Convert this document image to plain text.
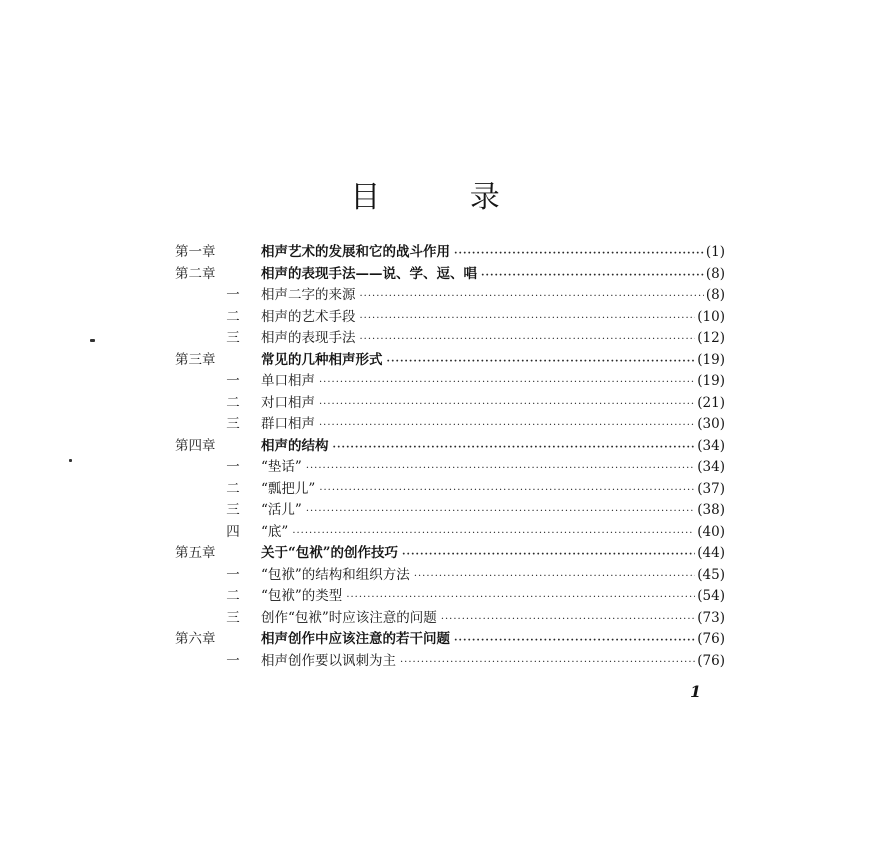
目 录
第一章	相声艺术的发展和它的战斗作用 ·····	(1)
第二章	相声的表现手法——说、学、逗、唱 ·····	(8)
一 相声二字的来源 ·····	(8)
二 相声的艺术手段 ·····	(10)
三 相声的表现手法 ·····	(12)
第三章	常见的几种相声形式 ·····	(19)
一 单口相声 ·····	(19)
二 对口相声 ·····	(21)
三 群口相声 ·····	(30)
第四章	相声的结构 ·····	(34)
一 “垫话” ·····	(34)
二 “瓢把儿” ·····	(37)
三 “活儿” ·····	(38)
四 “底” ·····	(40)
第五章	关于“包袱”的创作技巧 ·····	(44)
一 “包袱”的结构和组织方法 ·····	(45)
二 “包袱”的类型 ·····	(54)
三 创作“包袱”时应该注意的问题 ·····	(73)
第六章	相声创作中应该注意的若干问题 ·····	(76)
一 相声创作要以讽刺为主 ·····	(76)
1
